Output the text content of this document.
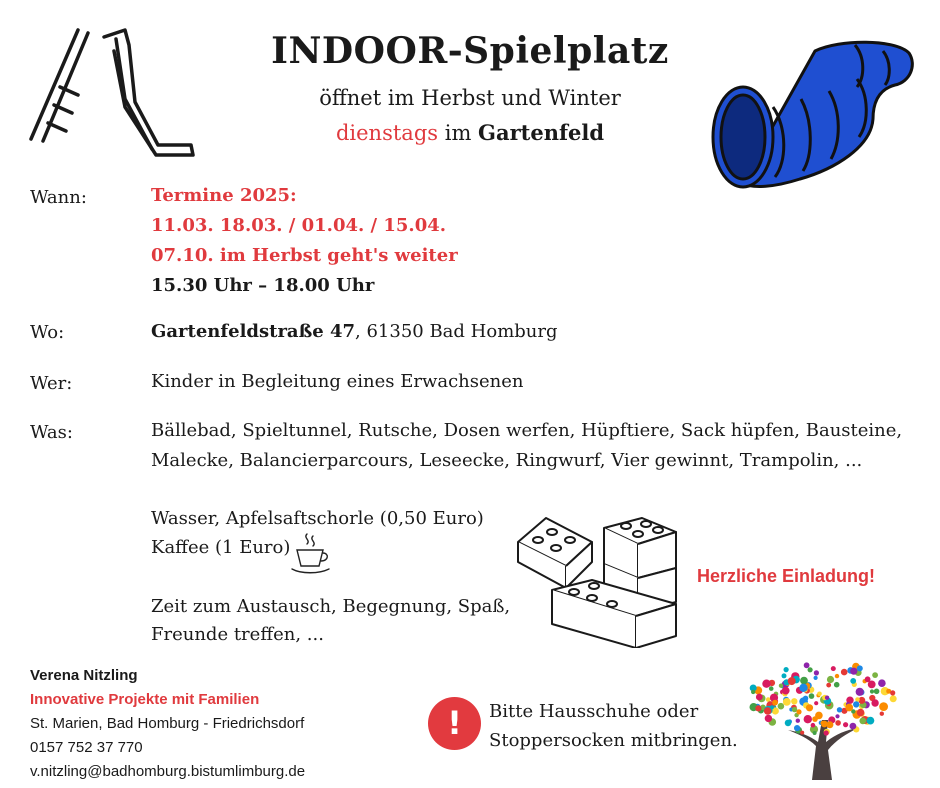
INDOOR-Spielplatz
öffnet im Herbst und Winter
dienstags im Gartenfeld
Wann:	Termine 2025:
11.03. 18.03. / 01.04. / 15.04.
07.10. im Herbst geht's weiter
15.30 Uhr – 18.00 Uhr
Wo:	Gartenfeldstraße 47, 61350 Bad Homburg
Wer:	Kinder in Begleitung eines Erwachsenen
Was:	Bällebad, Spieltunnel, Rutsche, Dosen werfen, Hüpftiere, Sack hüpfen, Bausteine,
Malecke, Balancierparcours, Leseecke, Ringwurf, Vier gewinnt, Trampolin, ...
Wasser, Apfelsaftschorle (0,50 Euro)
Kaffee (1 Euro)
Zeit zum Austausch, Begegnung, Spaß,
Freunde treffen, ...
Herzliche Einladung!
Verena Nitzling
Innovative Projekte mit Familien
St. Marien, Bad Homburg - Friedrichsdorf
0157 752 37 770
v.nitzling@badhomburg.bistumlimburg.de
!	Bitte Hausschuhe oder
Stoppersocken mitbringen.
